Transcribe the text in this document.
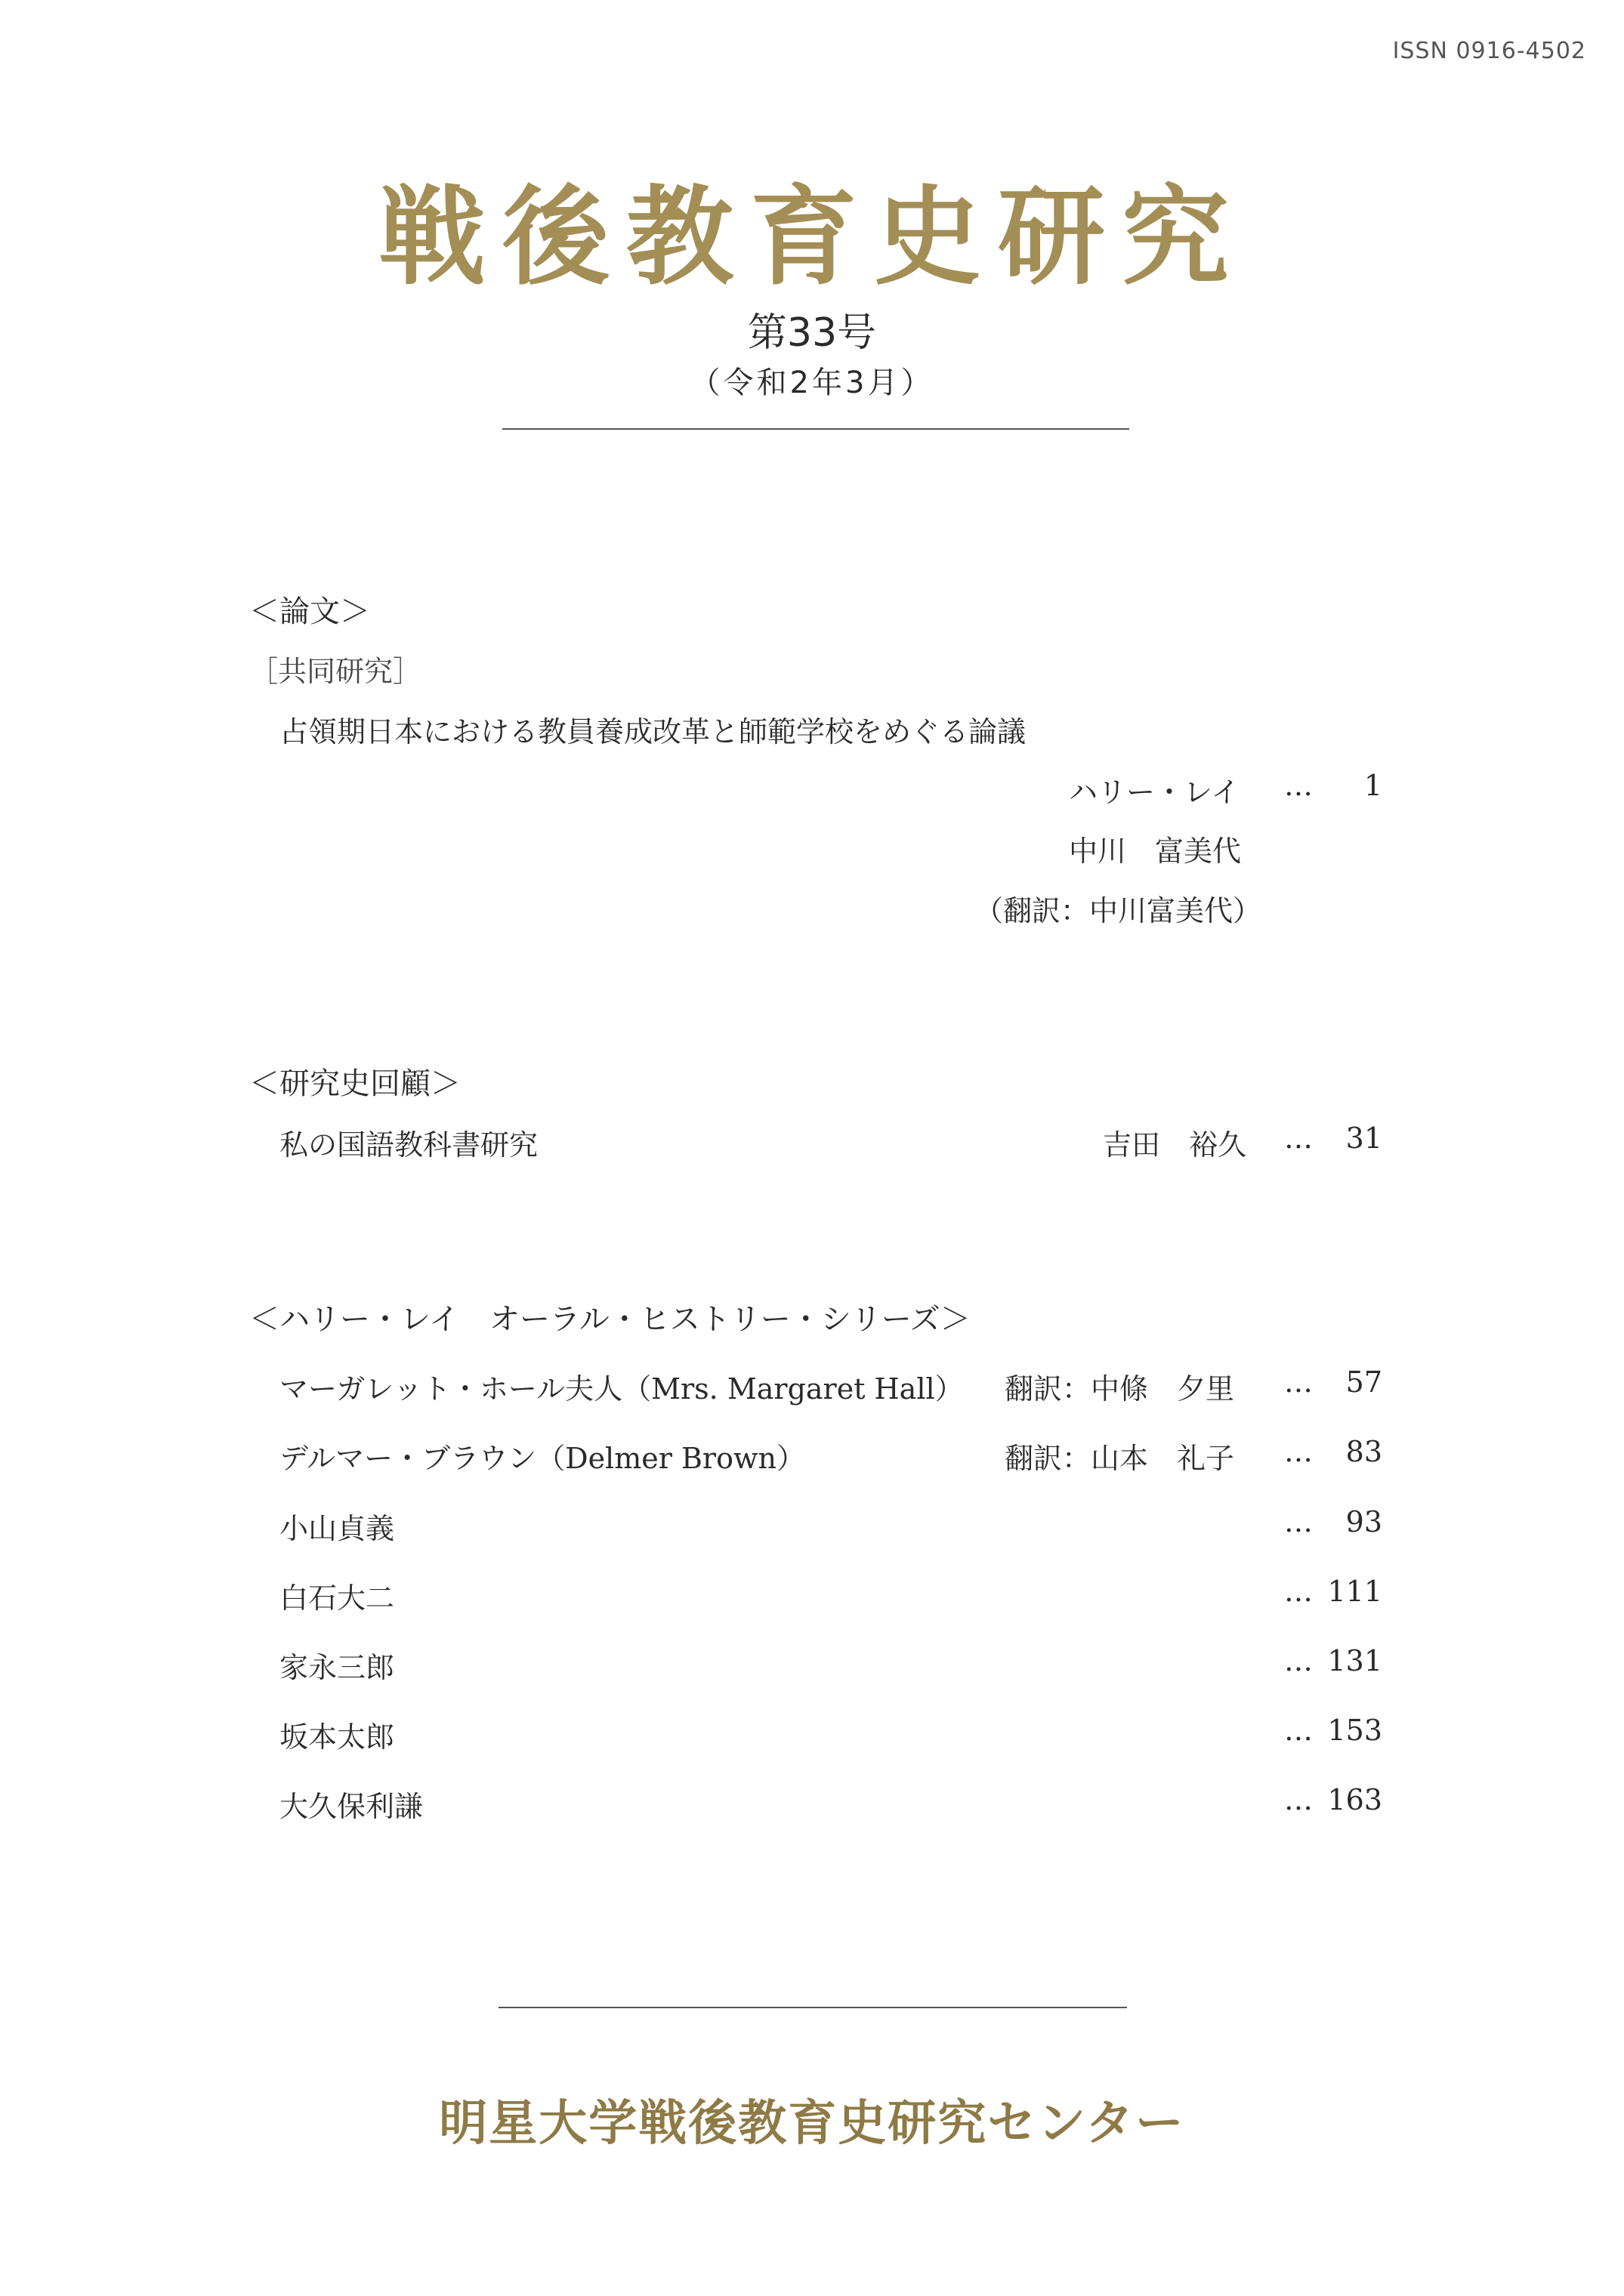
ISSN 0916-4502
戦後教育史研究
第33号
（令和2年3月）
＜論文＞
［共同研究］
占領期日本における教員養成改革と師範学校をめぐる論議
ハリー・レイ …	1
中川　富美代
（翻訳：中川富美代）
＜研究史回顧＞
私の国語教科書研究	吉田　裕久 …	31
＜ハリー・レイ　オーラル・ヒストリー・シリーズ＞
マーガレット・ホール夫人（Mrs. Margaret Hall） 翻訳：中條　夕里 …	57
デルマー・ブラウン（Delmer Brown）	翻訳：山本　礼子 …	83
小山貞義	…	93
白石大二	… 111
家永三郎	… 131
坂本太郎	… 153
大久保利謙	… 163
明星大学戦後教育史研究センター
